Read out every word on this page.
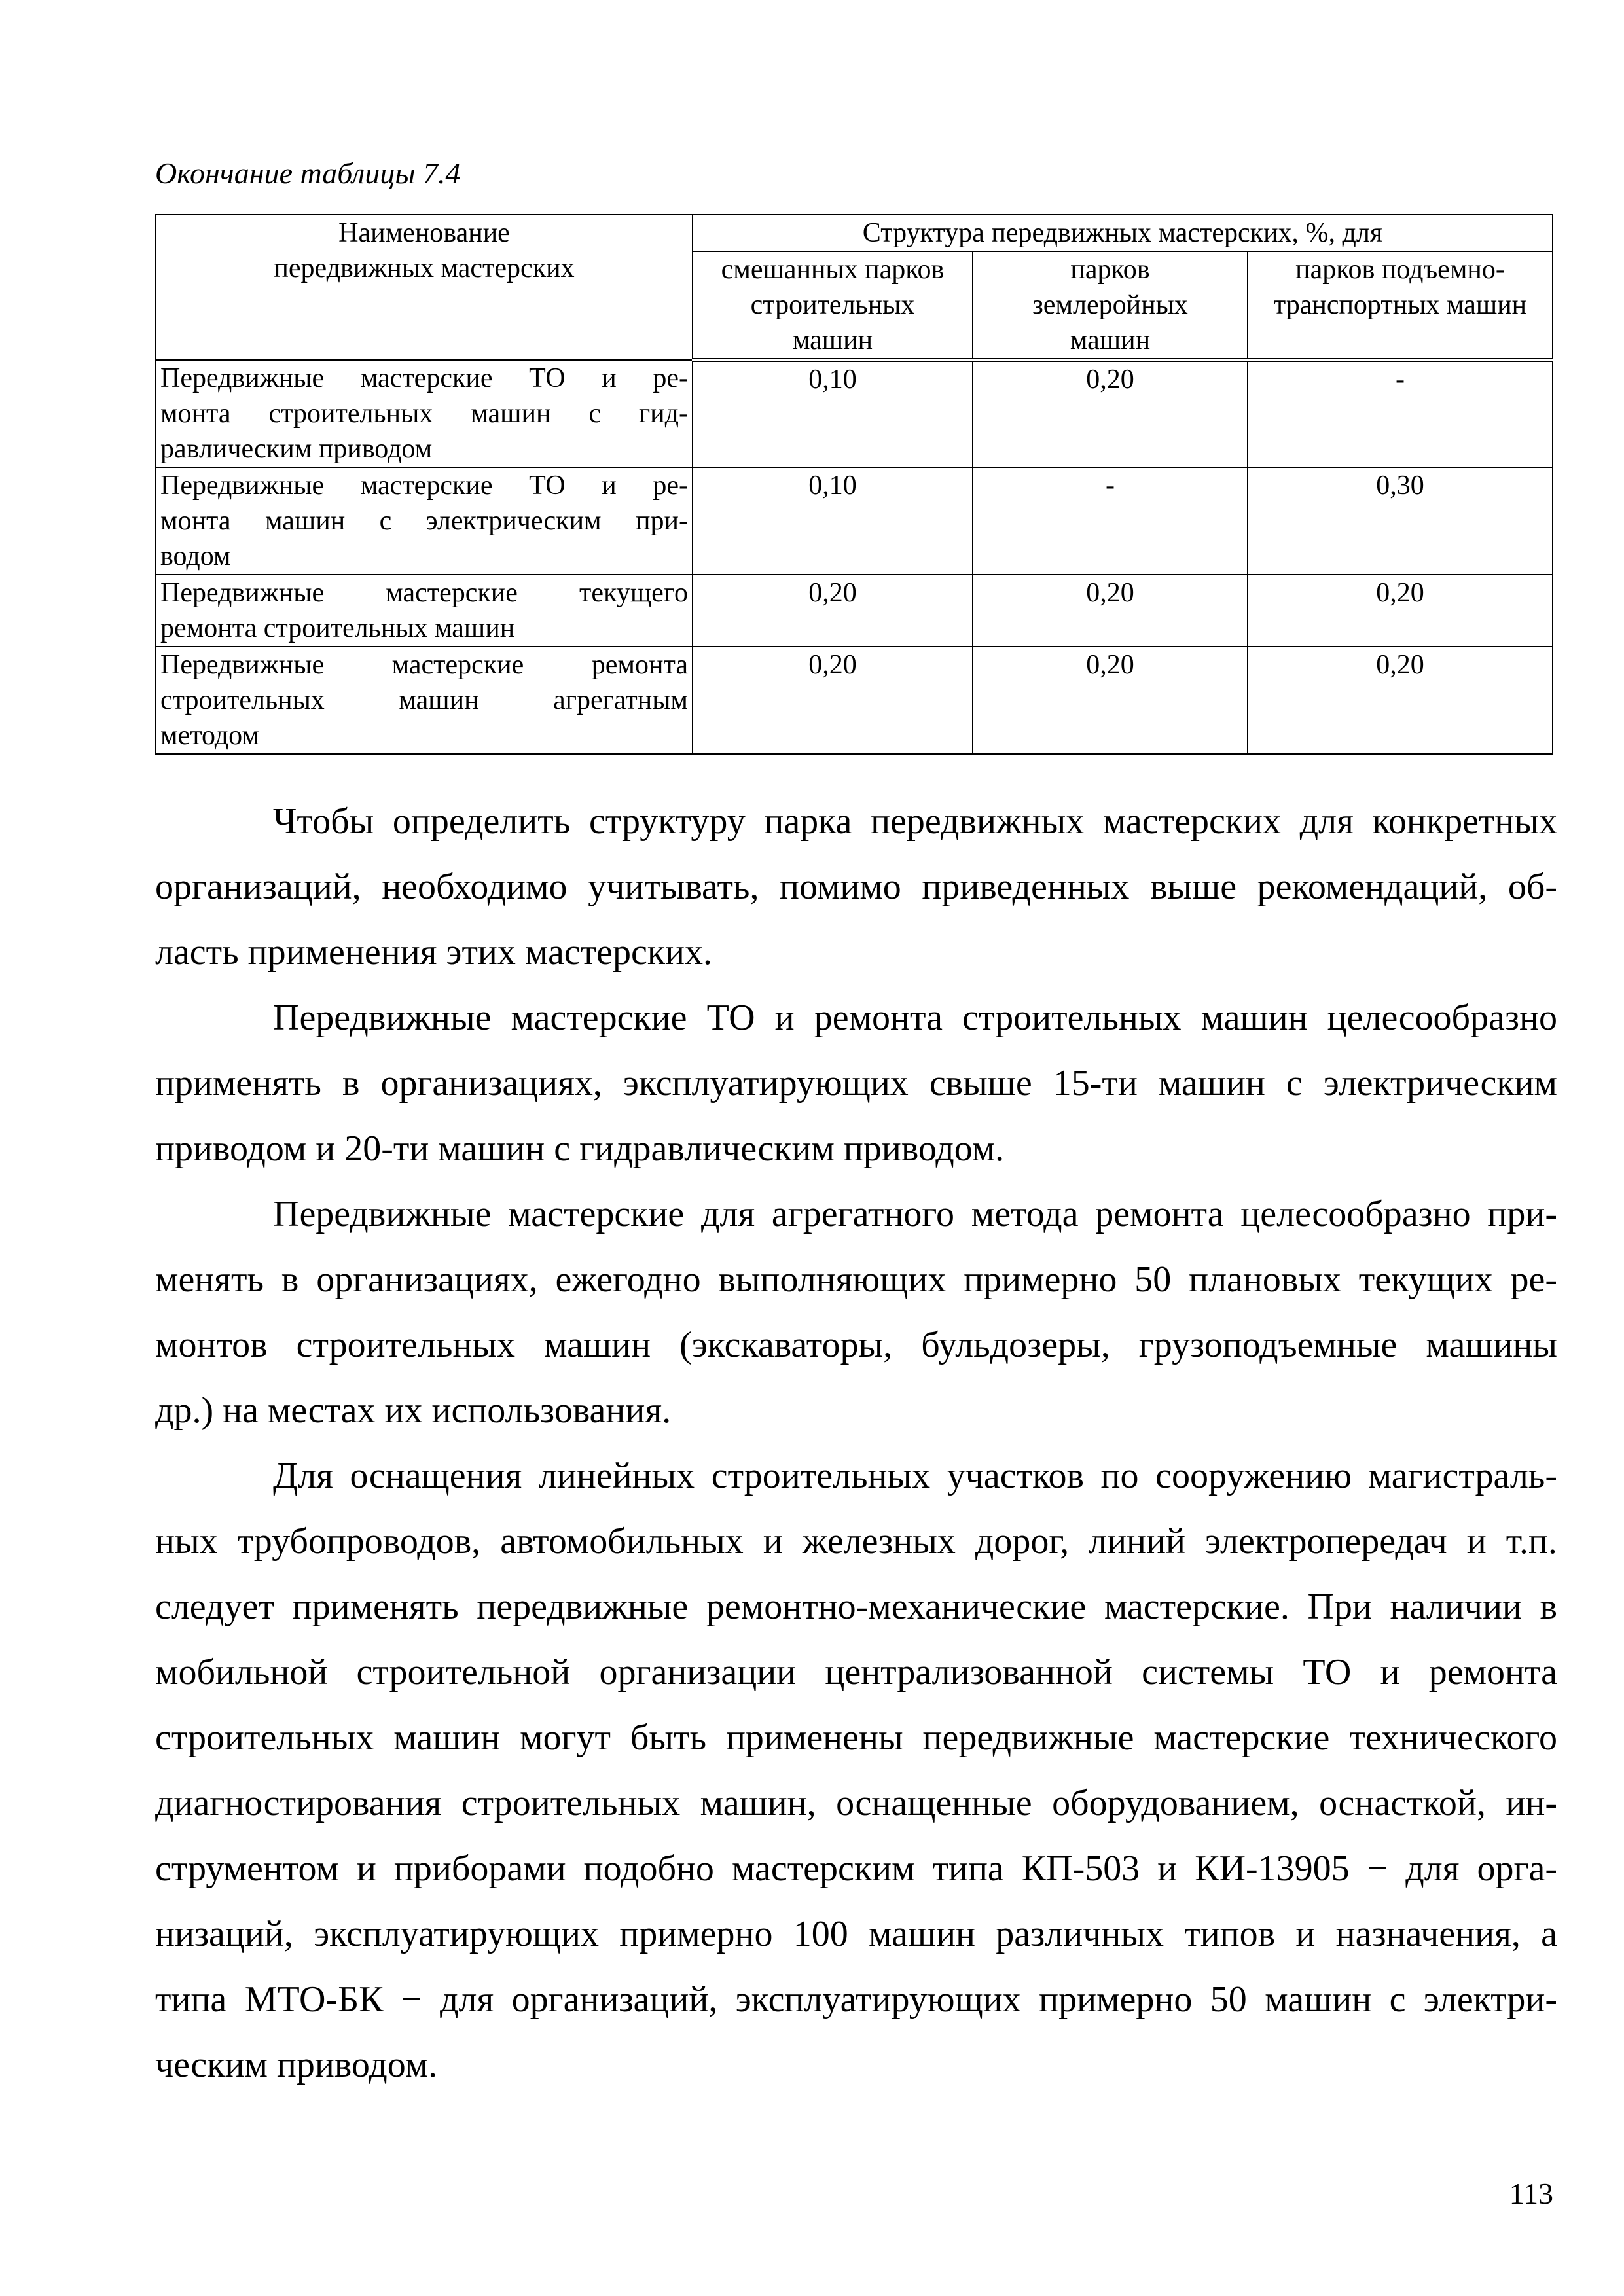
Окончание таблицы 7.4
Наименование
передвижных мастерских	Структура передвижных мастерских, %, для		

	смешанных парков
строительных
машин	парков
землеройных
машин	парков подъемно-
транспортных машин

Передвижные мастерские ТО и ре-
монта строительных машин с гид-
равлическим приводом	0,10	0,20	-

Передвижные мастерские ТО и ре-
монта машин с электрическим при-
водом	0,10	-	0,30

Передвижные мастерские текущего
ремонта строительных машин	0,20	0,20	0,20

Передвижные мастерские ремонта
строительных машин агрегатным
методом	0,20	0,20	0,20
Чтобы определить структуру парка передвижных мастерских для конкретных
организаций, необходимо учитывать, помимо приведенных выше рекомендаций, об-
ласть применения этих мастерских.
Передвижные мастерские ТО и ремонта строительных машин целесообразно
применять в организациях, эксплуатирующих свыше 15-ти машин с электрическим
приводом и 20-ти машин с гидравлическим приводом.
Передвижные мастерские для агрегатного метода ремонта целесообразно при-
менять в организациях, ежегодно выполняющих примерно 50 плановых текущих ре-
монтов строительных машин (экскаваторы, бульдозеры, грузоподъемные машины
др.) на местах их использования.
Для оснащения линейных строительных участков по сооружению магистраль-
ных трубопроводов, автомобильных и железных дорог, линий электропередач и т.п.
следует применять передвижные ремонтно-механические мастерские. При наличии в
мобильной строительной организации централизованной системы ТО и ремонта
строительных машин могут быть применены передвижные мастерские технического
диагностирования строительных машин, оснащенные оборудованием, оснасткой, ин-
струментом и приборами подобно мастерским типа КП-503 и КИ-13905 − для орга-
низаций, эксплуатирующих примерно 100 машин различных типов и назначения, а
типа МТО-БК − для организаций, эксплуатирующих примерно 50 машин с электри-
ческим приводом.
113
